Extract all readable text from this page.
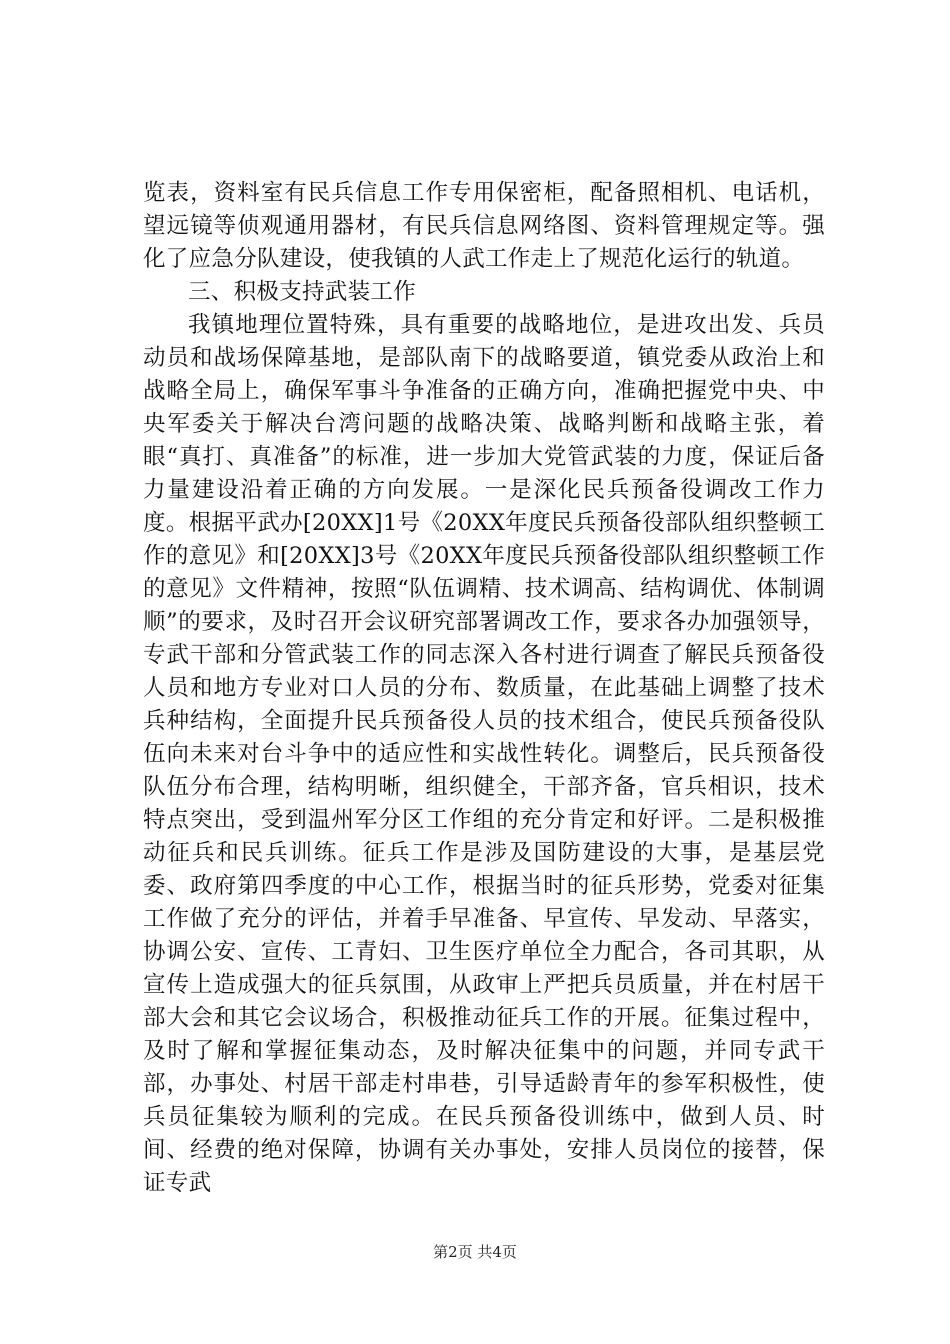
览表，资料室有民兵信息工作专用保密柜，配备照相机、电话机，望远镜等侦观通用器材，有民兵信息网络图、资料管理规定等。强化了应急分队建设，使我镇的人武工作走上了规范化运行的轨道。

三、积极支持武装工作

我镇地理位置特殊，具有重要的战略地位，是进攻出发、兵员动员和战场保障基地，是部队南下的战略要道，镇党委从政治上和战略全局上，确保军事斗争准备的正确方向，准确把握党中央、中央军委关于解决台湾问题的战略决策、战略判断和战略主张，着眼“真打、真准备”的标准，进一步加大党管武装的力度，保证后备力量建设沿着正确的方向发展。一是深化民兵预备役调改工作力度。根据平武办[20XX]1号《20XX年度民兵预备役部队组织整顿工作的意见》和[20XX]3号《20XX年度民兵预备役部队组织整顿工作的意见》文件精神，按照“队伍调精、技术调高、结构调优、体制调顺”的要求，及时召开会议研究部署调改工作，要求各办加强领导，专武干部和分管武装工作的同志深入各村进行调查了解民兵预备役人员和地方专业对口人员的分布、数质量，在此基础上调整了技术兵种结构，全面提升民兵预备役人员的技术组合，使民兵预备役队伍向未来对台斗争中的适应性和实战性转化。调整后，民兵预备役队伍分布合理，结构明晰，组织健全，干部齐备，官兵相识，技术特点突出，受到温州军分区工作组的充分肯定和好评。二是积极推动征兵和民兵训练。征兵工作是涉及国防建设的大事，是基层党委、政府第四季度的中心工作，根据当时的征兵形势，党委对征集工作做了充分的评估，并着手早准备、早宣传、早发动、早落实，协调公安、宣传、工青妇、卫生医疗单位全力配合，各司其职，从宣传上造成强大的征兵氛围，从政审上严把兵员质量，并在村居干部大会和其它会议场合，积极推动征兵工作的开展。征集过程中，及时了解和掌握征集动态，及时解决征集中的问题，并同专武干部，办事处、村居干部走村串巷，引导适龄青年的参军积极性，使兵员征集较为顺利的完成。在民兵预备役训练中，做到人员、时间、经费的绝对保障，协调有关办事处，安排人员岗位的接替，保证专武

第2页 共4页
